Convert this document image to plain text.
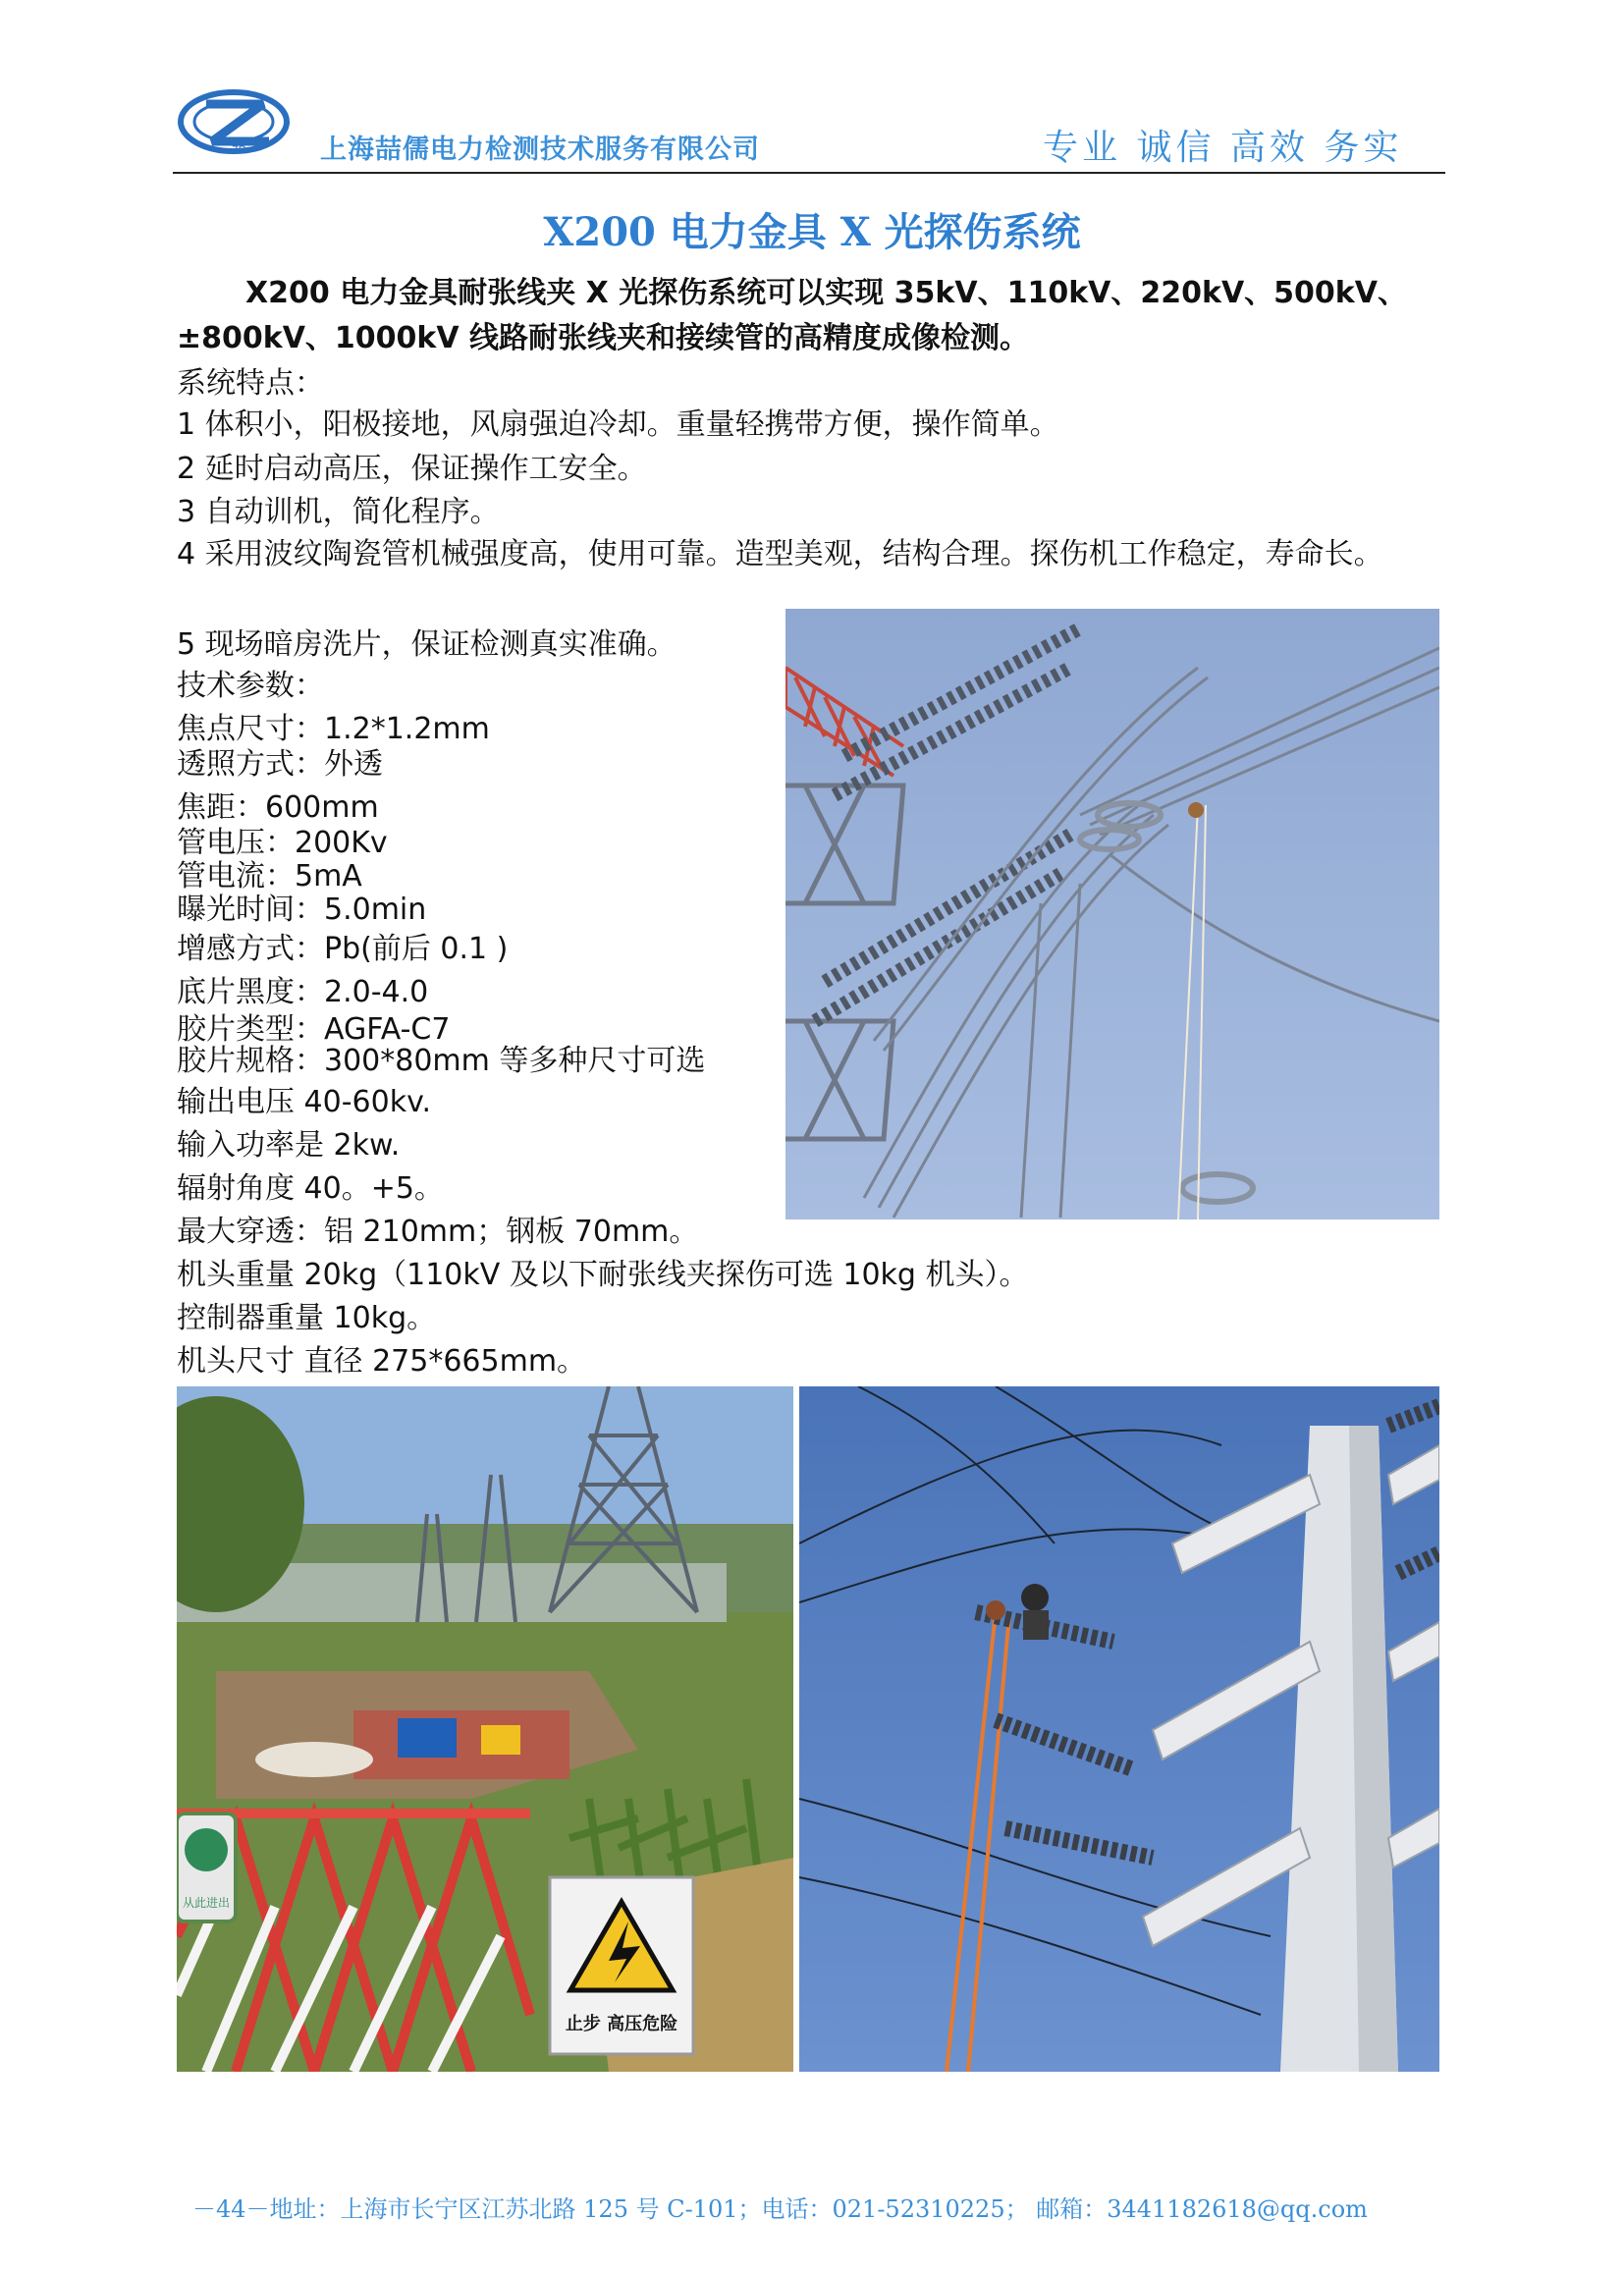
ZR	上海喆儒电力检测技术服务有限公司	专业 诚信 高效 务实
X200 电力金具 X 光探伤系统
X200 电力金具耐张线夹 X 光探伤系统可以实现 35kV、110kV、220kV、500kV、±800kV、1000kV 线路耐张线夹和接续管的高精度成像检测。
系统特点：
1 体积小，阳极接地，风扇强迫冷却。重量轻携带方便，操作简单。
2 延时启动高压，保证操作工安全。
3 自动训机，简化程序。
4 采用波纹陶瓷管机械强度高，使用可靠。造型美观，结构合理。探伤机工作稳定，寿命长。
5 现场暗房洗片，保证检测真实准确。
技术参数：
焦点尺寸：1.2*1.2mm
透照方式：外透
焦距：600mm
管电压：200Kv
管电流：5mA
曝光时间：5.0min
增感方式：Pb(前后 0.1 )
底片黑度：2.0-4.0
胶片类型：AGFA-C7
胶片规格：300*80mm 等多种尺寸可选
输出电压 40-60kv.
输入功率是 2kw.
辐射角度 40。+5。
最大穿透：铝 210mm；钢板 70mm。
机头重量 20kg（110kV 及以下耐张线夹探伤可选 10kg 机头）。
控制器重量 10kg。
机头尺寸 直径 275*665mm。
从此进出
止步 高压危险
－44－地址：上海市长宁区江苏北路 125 号 C-101；电话：021-52310225； 邮箱：3441182618@qq.com
